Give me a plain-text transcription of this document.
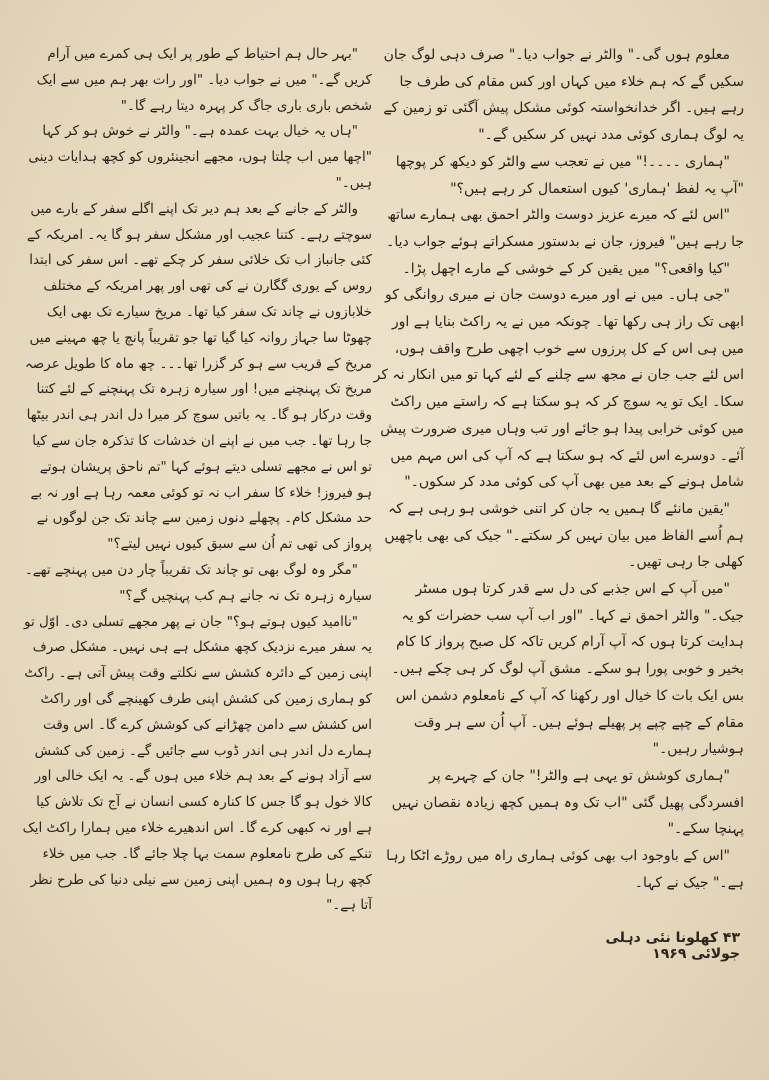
معلوم ہوں گی۔" والٹر نے جواب دیا۔" صرف دہی لوگ جان سکیں گے کہ ہم خلاء میں کہاں اور کس مقام کی طرف جا رہے ہیں۔ اگر خدانخواستہ کوئی مشکل پیش آگئی تو زمین کے یہ لوگ ہماری کوئی مدد نہیں کر سکیں گے۔"

"ہماری ۔۔۔۔!" میں نے تعجب سے والٹر کو دیکھ کر پوچھا "آپ یہ لفظ 'ہماری' کیوں استعمال کر رہے ہیں؟"

"اس لئے کہ میرے عزیز دوست والٹر احمق بھی ہمارے ساتھ جا رہے ہیں" فیروز، جان نے بدستور مسکراتے ہوئے جواب دیا۔

"کیا واقعی؟" میں یقین کر کے خوشی کے مارے اچھل پڑا۔

"جی ہاں۔ میں نے اور میرے دوست جان نے میری روانگی کو ابھی تک راز ہی رکھا تھا۔ چونکہ میں نے یہ راکٹ بنایا ہے اور میں ہی اس کے کل پرزوں سے خوب اچھی طرح واقف ہوں، اس لئے جب جان نے مجھ سے چلنے کے لئے کہا تو میں انکار نہ کر سکا۔ ایک تو یہ سوچ کر کہ ہو سکتا ہے کہ راستے میں راکٹ میں کوئی خرابی پیدا ہو جائے اور تب وہاں میری ضرورت پیش آئے۔ دوسرے اس لئے کہ ہو سکتا ہے کہ آپ کی اس مہم میں شامل ہونے کے بعد میں بھی آپ کی کوئی مدد کر سکوں۔"

"یقین مانئے گا ہمیں یہ جان کر اتنی خوشی ہو رہی ہے کہ ہم اُسے الفاظ میں بیان نہیں کر سکتے۔" جیک کی بھی باچھیں کھلی جا رہی تھیں۔

"میں آپ کے اس جذبے کی دل سے قدر کرتا ہوں مسٹر جیک۔" والٹر احمق نے کہا۔ "اور اب آپ سب حضرات کو یہ ہدایت کرتا ہوں کہ آپ آرام کریں تاکہ کل صبح پرواز کا کام بخیر و خوبی پورا ہو سکے۔ مشق آپ لوگ کر ہی چکے ہیں۔ بس ایک بات کا خیال اور رکھنا کہ آپ کے نامعلوم دشمن اس مقام کے چپے چپے پر پھیلے ہوئے ہیں۔ آپ اُن سے ہر وقت ہوشیار رہیں۔"

"ہماری کوشش تو یہی ہے والٹر!" جان کے چہرے پر افسردگی پھیل گئی "اب تک وہ ہمیں کچھ زیادہ نقصان نہیں پہنچا سکے۔"

"اس کے باوجود اب بھی کوئی ہماری راہ میں روڑے اٹکا رہا ہے۔" جیک نے کہا۔

"بہر حال ہم احتیاط کے طور پر ایک ہی کمرے میں آرام کریں گے۔" میں نے جواب دیا۔ "اور رات بھر ہم میں سے ایک شخص باری باری جاگ کر پہرہ دیتا رہے گا۔"

"ہاں یہ خیال بہت عمدہ ہے۔" والٹر نے خوش ہو کر کہا "اچھا میں اب چلتا ہوں، مجھے انجینئروں کو کچھ ہدایات دینی ہیں۔"

والٹر کے جانے کے بعد ہم دیر تک اپنے اگلے سفر کے بارے میں سوچتے رہے۔ کتنا عجیب اور مشکل سفر ہو گا یہ۔ امریکہ کے کئی جانباز اب تک خلائی سفر کر چکے تھے۔ اس سفر کی ابتدا روس کے یوری گگارن نے کی تھی اور پھر امریکہ کے مختلف خلابازوں نے چاند تک سفر کیا تھا۔ مریخ سیارے تک بھی ایک چھوٹا سا جہاز روانہ کیا گیا تھا جو تقریباً پانچ یا چھ مہینے میں مریخ کے قریب سے ہو کر گزرا تھا۔۔۔ چھ ماہ کا طویل عرصہ مریخ تک پہنچنے میں! اور سیارہ زہرہ تک پہنچنے کے لئے کتنا وقت درکار ہو گا۔ یہ باتیں سوچ کر میرا دل اندر ہی اندر بیٹھا جا رہا تھا۔ جب میں نے اپنے ان خدشات کا تذکرہ جان سے کیا تو اس نے مجھے تسلی دیتے ہوئے کہا "تم ناحق پریشان ہوتے ہو فیروز! خلاء کا سفر اب نہ تو کوئی معمہ رہا ہے اور نہ بے حد مشکل کام۔ پچھلے دنوں زمین سے چاند تک جن لوگوں نے پرواز کی تھی تم اُن سے سبق کیوں نہیں لیتے؟"

"مگر وہ لوگ بھی تو چاند تک تقریباً چار دن میں پہنچے تھے۔ سیارہ زہرہ تک نہ جانے ہم کب پہنچیں گے؟"

"ناامید کیوں ہوتے ہو؟" جان نے پھر مجھے تسلی دی۔ اوّل تو یہ سفر میرے نزدیک کچھ مشکل ہے ہی نہیں۔ مشکل صرف اپنی زمین کے دائرہ کشش سے نکلتے وقت پیش آتی ہے۔ راکٹ کو ہماری زمین کی کشش اپنی طرف کھینچے گی اور راکٹ اس کشش سے دامن چھڑانے کی کوشش کرے گا۔ اس وقت ہمارے دل اندر ہی اندر ڈوب سے جائیں گے۔ زمین کی کشش سے آزاد ہونے کے بعد ہم خلاء میں ہوں گے۔ یہ ایک خالی اور کالا خول ہو گا جس کا کنارہ کسی انسان نے آج تک تلاش کیا ہے اور نہ کبھی کرے گا۔ اس اندھیرے خلاء میں ہمارا راکٹ ایک تنکے کی طرح نامعلوم سمت بہا چلا جائے گا۔ جب میں خلاء کچھ رہا ہوں وہ ہمیں اپنی زمین سے نیلی دنیا کی طرح نظر آتا ہے۔"

۴۳ کھلونا نئی دہلی جولائی ۱۹۶۹
